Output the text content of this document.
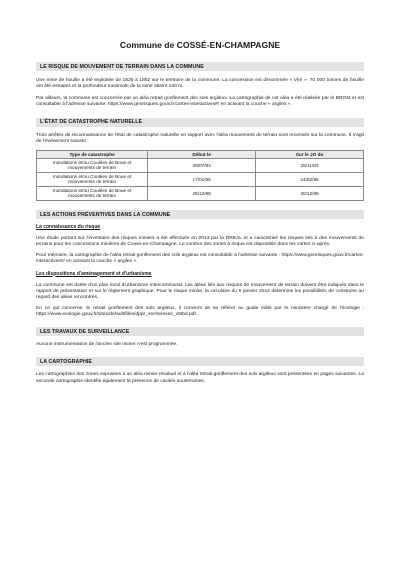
Commune de COSSÉ-EN-CHAMPAGNE
LE RISQUE DE MOUVEMENT DE TERRAIN DANS LA COMMUNE

Une mine de houille a été exploitée de 1835 à 1852 sur le territoire de la commune. La concession est dénommée « Viré ». 70 000 tonnes de houille ont été extraites et la profondeur maximale de la mine atteint 140 m.

Par ailleurs, la commune est concernée par un aléa retrait gonflement des sols argileux. La cartographie de cet aléa a été réalisée par le BRGM et est consultable à l'adresse suivante: https://www.georisques.gouv.fr/cartes-interactives#/ en activant la couche « argiles ».

L'ÉTAT DE CATASTROPHE NATURELLE

Trois arrêtés de reconnaissance de l'état de catastrophe naturelle en rapport avec l'aléa mouvement de terrain sont recensés sur la commune. Il s'agit de l'événement suivant :

Type de catastrophe	Début le	Sur le JO du
Inondations et/ou Coulées de Boue et mouvements de terrain	28/07/83	18/11/83
Inondations et/ou Coulées de Boue et mouvements de terrain	17/01/95	24/02/95
Inondations et/ou Coulées de Boue et mouvements de terrain	25/12/99	30/12/99
LES ACTIONS PRÉVENTIVES DANS LA COMMUNE
La connaissance du risque

Une étude portant sur l'inventaire des risques miniers a été effectuée en 2013 par la DREAL et a caractérisé les risques liés à des mouvements de terrains pour les concessions minières de Cossé-en-Champagne. Le contour des zones à risque est disponible dans les cartes ci-après.

Pour mémoire, la cartographie de l'aléa retrait gonflement des sols argileux est consultable à l'adresse suivante : https://www.georisques.gouv.fr/cartes-interactives#/ en activant la couche « argiles ».

Les dispositions d'aménagement et d'urbanisme

La commune est dotée d'un plan local d'urbanisme intercommunal. Les aléas liés aux risques de mouvement de terrain doivent être indiqués dans le rapport de présentation et sur le règlement graphique. Pour le risque minier, la circulaire du 6 janvier 2012 détermine les possibilités de construire au regard des aléas rencontrés.

En ce qui concerne, le retrait gonflement des sols argileux, il convient de se référer au guide édité par le ministère chargé de l'écologie : https://www.ecologie.gouv.fr/sites/default/files/dppr_secheresse_v5tbd.pdf.

LES TRAVAUX DE SURVEILLANCE

Aucune instrumentation de l'ancien site minier n'est programmée.

LA CARTOGRAPHIE

Les cartographies des zones exposées à un aléa minier résiduel et à l'aléa retrait gonflement des sols argileux sont présentées en pages suivantes. La seconde cartographie identifie également la présence de cavités souterraines.
